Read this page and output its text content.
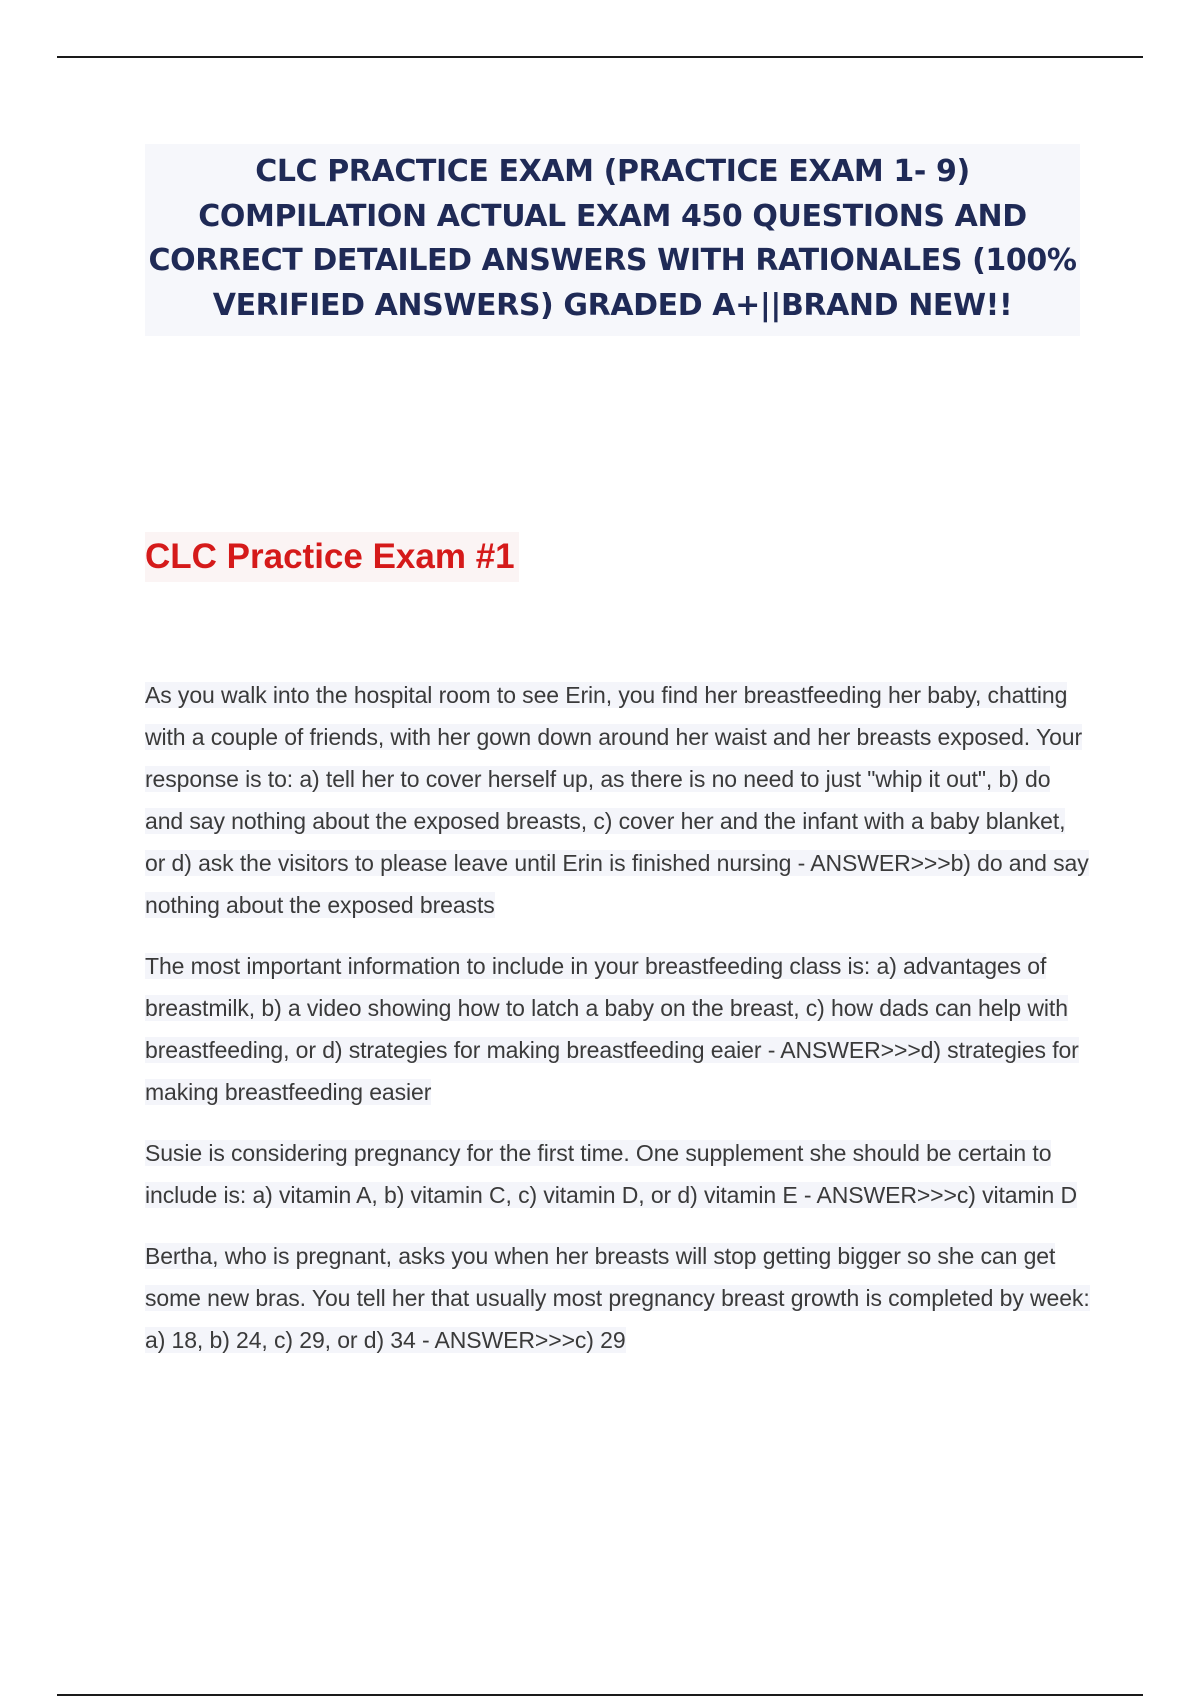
CLC PRACTICE EXAM (PRACTICE EXAM 1- 9) COMPILATION ACTUAL EXAM 450 QUESTIONS AND CORRECT DETAILED ANSWERS WITH RATIONALES (100% VERIFIED ANSWERS) GRADED A+||BRAND NEW!!
CLC Practice Exam #1

As you walk into the hospital room to see Erin, you find her breastfeeding her baby, chatting with a couple of friends, with her gown down around her waist and her breasts exposed. Your response is to: a) tell her to cover herself up, as there is no need to just "whip it out", b) do and say nothing about the exposed breasts, c) cover her and the infant with a baby blanket, or d) ask the visitors to please leave until Erin is finished nursing - ANSWER>>>b) do and say nothing about the exposed breasts

The most important information to include in your breastfeeding class is: a) advantages of breastmilk, b) a video showing how to latch a baby on the breast, c) how dads can help with breastfeeding, or d) strategies for making breastfeeding eaier - ANSWER>>>d) strategies for making breastfeeding easier

Susie is considering pregnancy for the first time. One supplement she should be certain to include is: a) vitamin A, b) vitamin C, c) vitamin D, or d) vitamin E - ANSWER>>>c) vitamin D

Bertha, who is pregnant, asks you when her breasts will stop getting bigger so she can get some new bras. You tell her that usually most pregnancy breast growth is completed by week: a) 18, b) 24, c) 29, or d) 34 - ANSWER>>>c) 29
